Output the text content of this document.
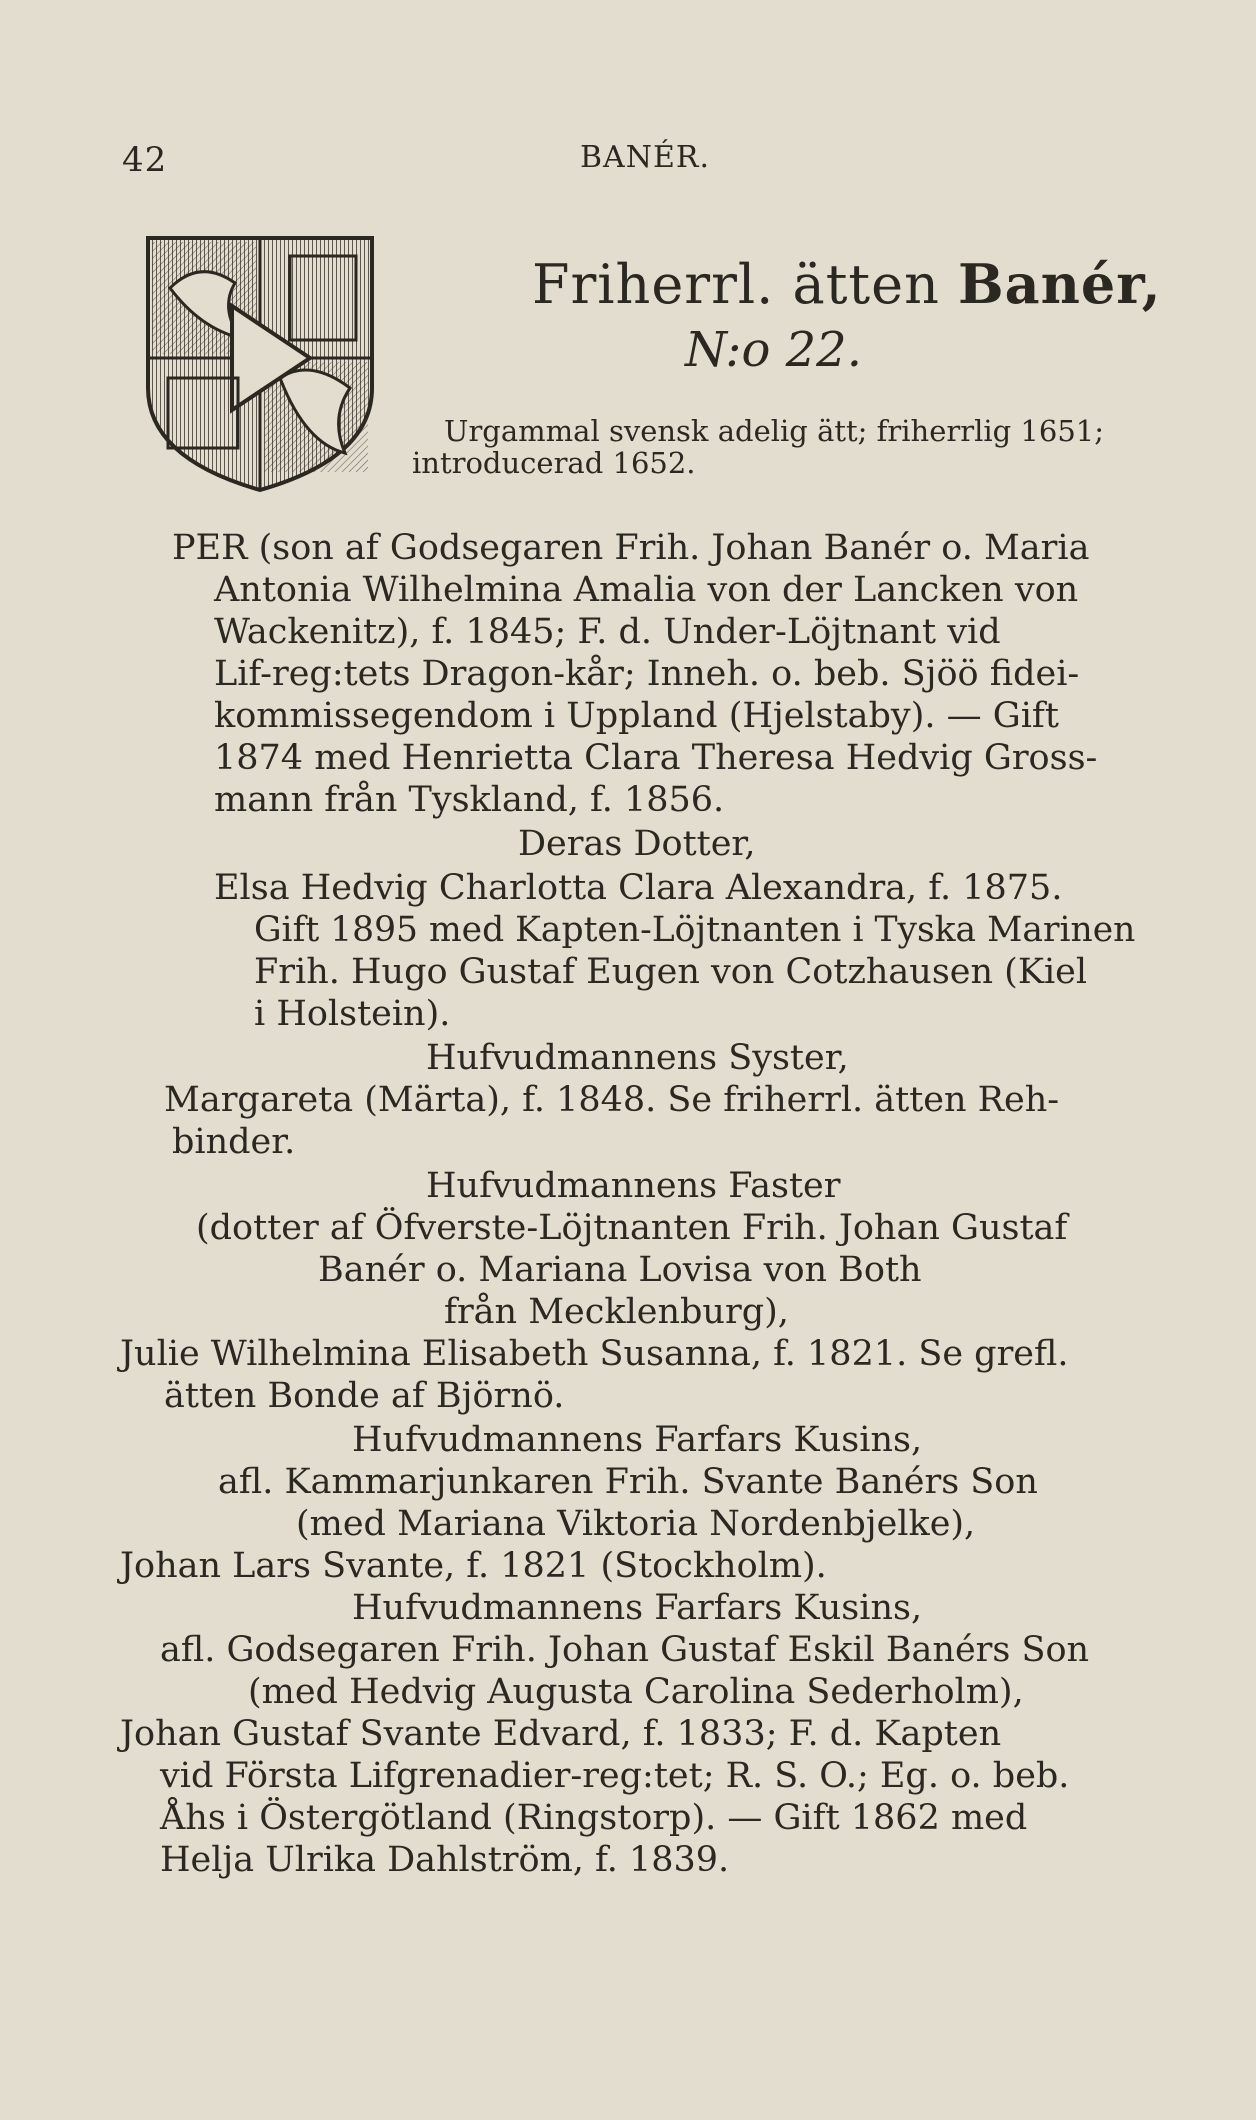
42	BANÉR.
Friherrl. ätten Banér,
N:o 22.
Urgammal svensk adelig ätt; friherrlig 1651;
introducerad 1652.
PER (son af Godsegaren Frih. Johan Banér o. Maria
Antonia Wilhelmina Amalia von der Lancken von
Wackenitz), f. 1845; F. d. Under-Löjtnant vid
Lif-reg:tets Dragon-kår; Inneh. o. beb. Sjöö fidei-
kommissegendom i Uppland (Hjelstaby). — Gift
1874 med Henrietta Clara Theresa Hedvig Gross-
mann från Tyskland, f. 1856.
Deras Dotter,
Elsa Hedvig Charlotta Clara Alexandra, f. 1875.
Gift 1895 med Kapten-Löjtnanten i Tyska Marinen
Frih. Hugo Gustaf Eugen von Cotzhausen (Kiel
i Holstein).
Hufvudmannens Syster,
Margareta (Märta), f. 1848. Se friherrl. ätten Reh-
binder.
Hufvudmannens Faster
(dotter af Öfverste-Löjtnanten Frih. Johan Gustaf
Banér o. Mariana Lovisa von Both
från Mecklenburg),
Julie Wilhelmina Elisabeth Susanna, f. 1821. Se grefl.
ätten Bonde af Björnö.
Hufvudmannens Farfars Kusins,
afl. Kammarjunkaren Frih. Svante Banérs Son
(med Mariana Viktoria Nordenbjelke),
Johan Lars Svante, f. 1821 (Stockholm).
Hufvudmannens Farfars Kusins,
afl. Godsegaren Frih. Johan Gustaf Eskil Banérs Son
(med Hedvig Augusta Carolina Sederholm),
Johan Gustaf Svante Edvard, f. 1833; F. d. Kapten
vid Första Lifgrenadier-reg:tet; R. S. O.; Eg. o. beb.
Åhs i Östergötland (Ringstorp). — Gift 1862 med
Helja Ulrika Dahlström, f. 1839.
